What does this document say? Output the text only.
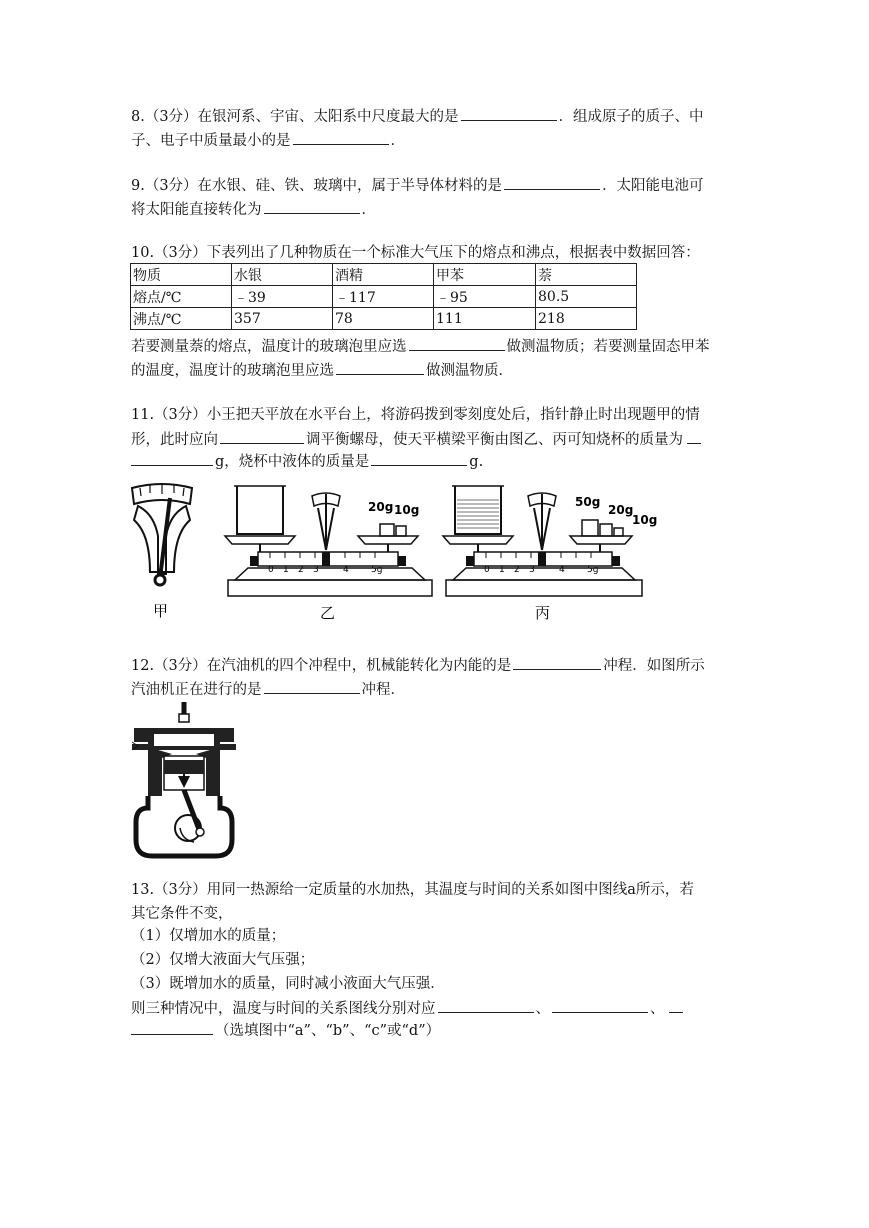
8.（3分）在银河系、宇宙、太阳系中尺度最大的是	．组成原子的质子、中
子、电子中质量最小的是	．
9.（3分）在水银、硅、铁、玻璃中，属于半导体材料的是	．太阳能电池可
将太阳能直接转化为	．
10.（3分）下表列出了几种物质在一个标准大气压下的熔点和沸点，根据表中数据回答：
物质	水银	酒精	甲苯	萘
熔点/℃	﹣39	﹣117	﹣95	80.5
沸点/℃	357	78	111	218
若要测量萘的熔点，温度计的玻璃泡里应选	做测温物质；若要测量固态甲苯
的温度，温度计的玻璃泡里应选	做测温物质．
11.（3分）小王把天平放在水平台上，将游码拨到零刻度处后，指针静止时出现题甲的情
形，此时应向	调平衡螺母，使天平横梁平衡由图乙、丙可知烧杯的质量为
g，烧杯中液体的质量是	g.
甲
0 1 2 3	4 5g
乙
20g 10g
0 1 2 3	4 5g
丙
50g
20g
10g
12.（3分）在汽油机的四个冲程中，机械能转化为内能的是	冲程．如图所示
汽油机正在进行的是	冲程．
13.（3分）用同一热源给一定质量的水加热，其温度与时间的关系如图中图线a所示，若
其它条件不变，
（1）仅增加水的质量；
（2）仅增大液面大气压强；
（3）既增加水的质量，同时减小液面大气压强．
则三种情况中，温度与时间的关系图线分别对应	、	、
（选填图中“a”、“b”、“c”或“d”）
